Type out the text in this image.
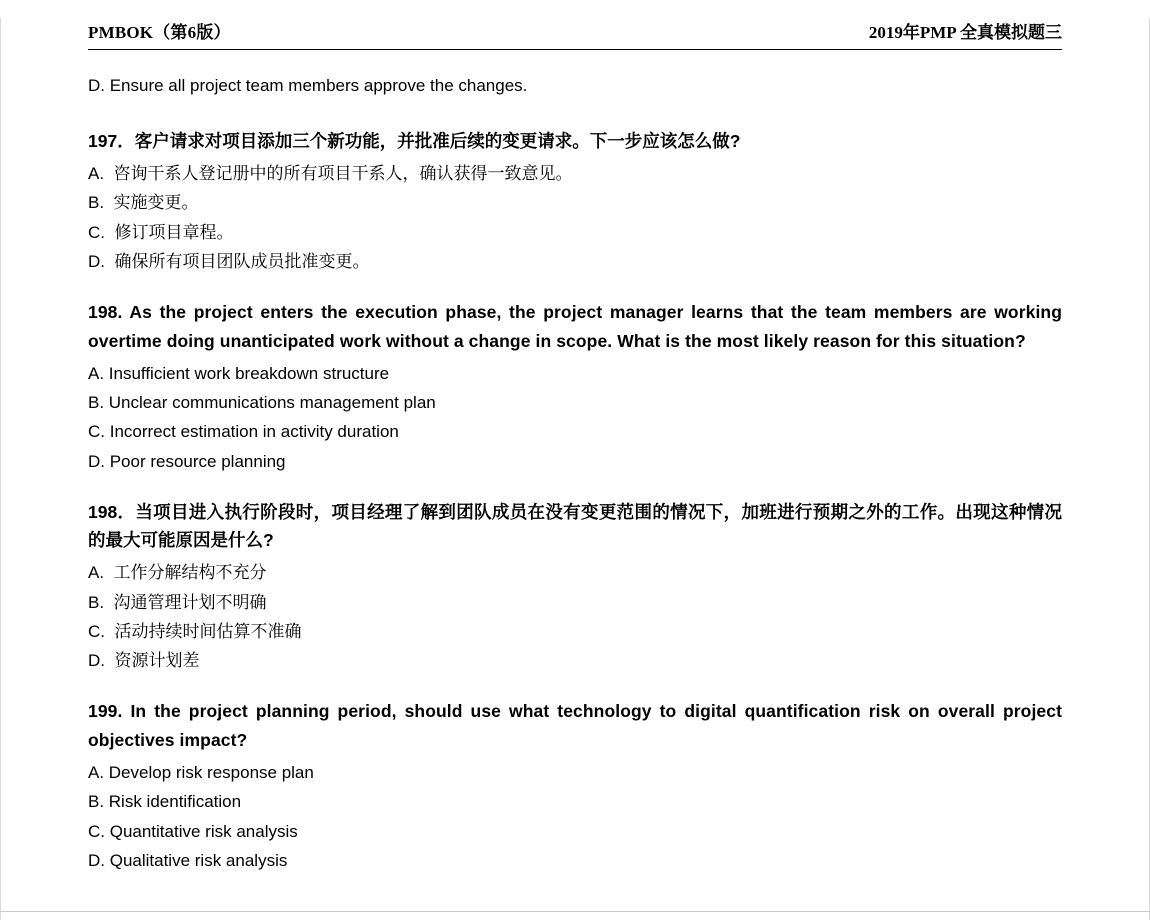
PMBOK（第6版）	2019年PMP 全真模拟题三
D. Ensure all project team members approve the changes.
197．客户请求对项目添加三个新功能，并批准后续的变更请求。下一步应该怎么做?
A.  咨询干系人登记册中的所有项目干系人，确认获得一致意见。
B.  实施变更。
C.  修订项目章程。
D.  确保所有项目团队成员批准变更。
198. As the project enters the execution phase, the project manager learns that the team members are working overtime doing unanticipated work without a change in scope. What is the most likely reason for this situation?
A. Insufficient work breakdown structure
B. Unclear communications management plan
C. Incorrect estimation in activity duration
D. Poor resource planning
198．当项目进入执行阶段时，项目经理了解到团队成员在没有变更范围的情况下，加班进行预期之外的工作。出现这种情况 的最大可能原因是什么?
A.  工作分解结构不充分
B.  沟通管理计划不明确
C.  活动持续时间估算不准确
D.  资源计划差
199. In the project planning period, should use what technology to digital quantification risk on overall project objectives impact?
A. Develop risk response plan
B. Risk identification
C. Quantitative risk analysis
D. Qualitative risk analysis
